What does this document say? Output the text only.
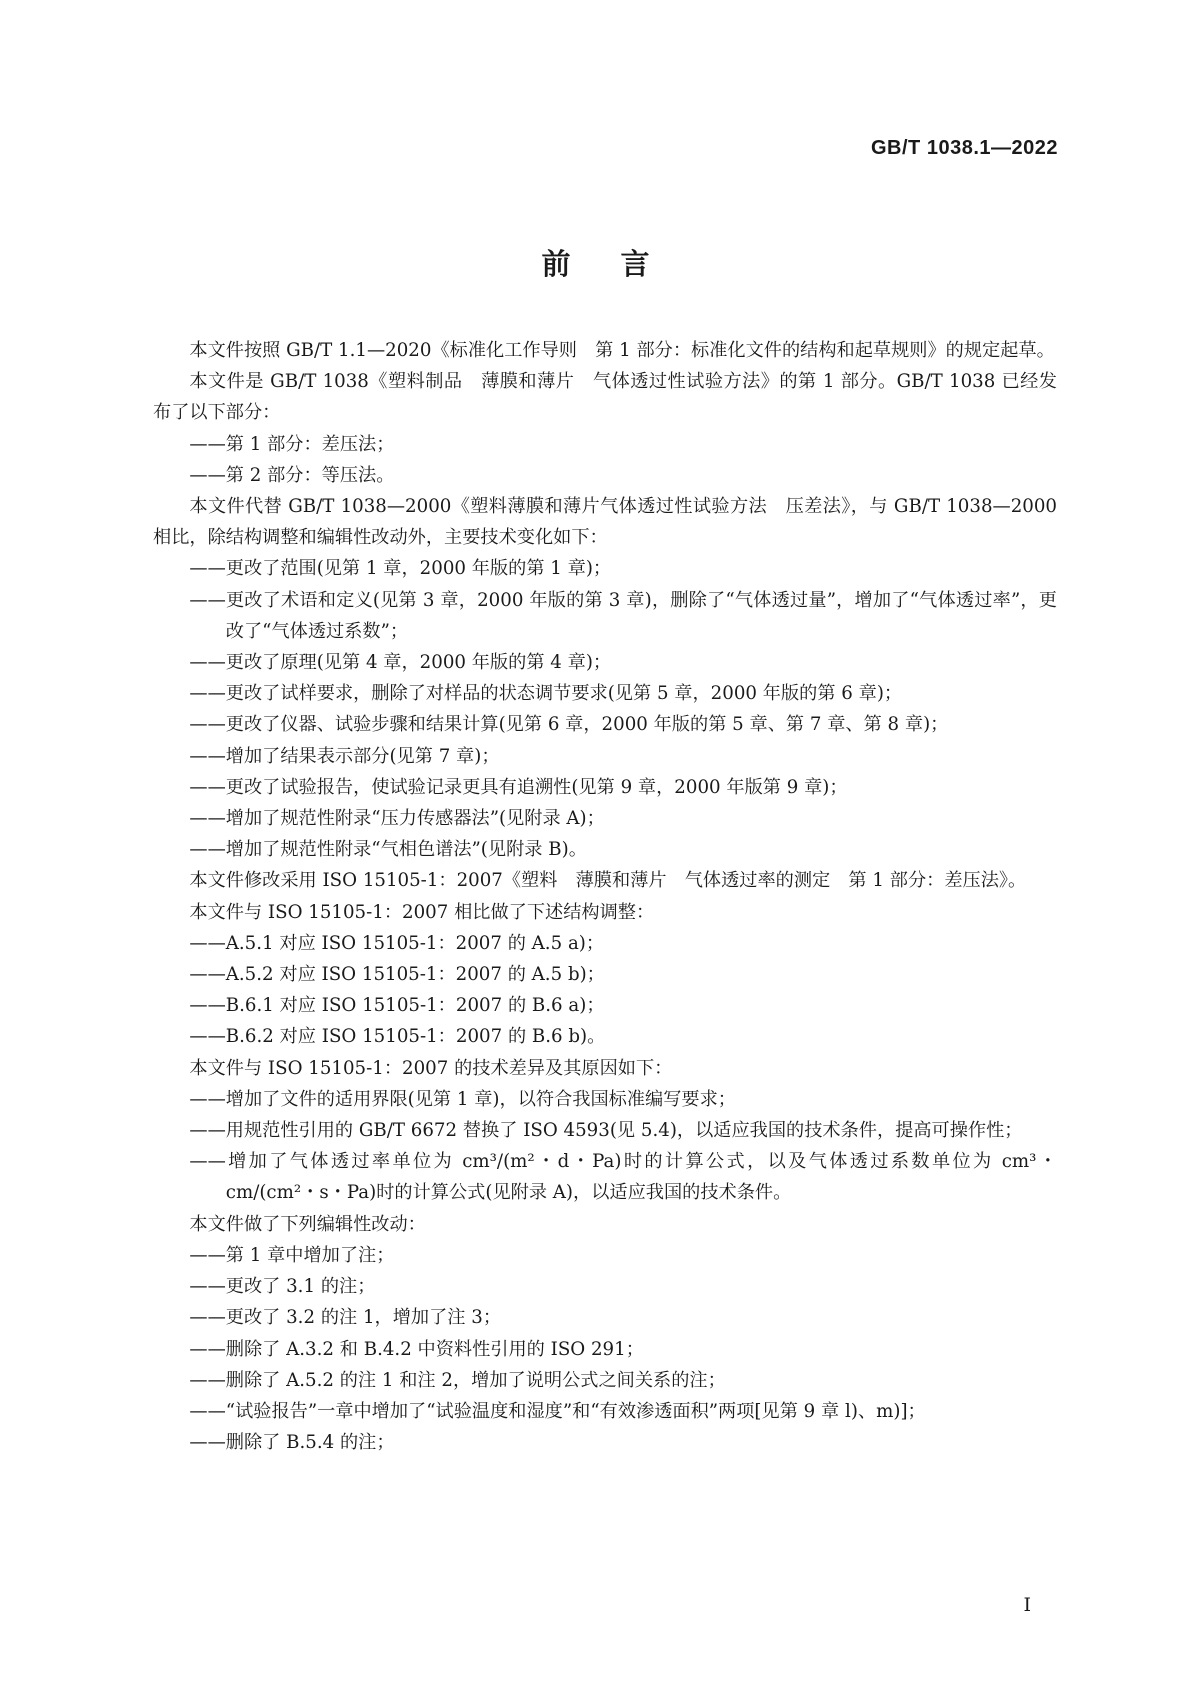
GB/T 1038.1—2022
前言

本文件按照 GB/T 1.1—2020《标准化工作导则　第 1 部分：标准化文件的结构和起草规则》的规定起草。

本文件是 GB/T 1038《塑料制品　薄膜和薄片　气体透过性试验方法》的第 1 部分。GB/T 1038 已经发布了以下部分：

——第 1 部分：差压法；

——第 2 部分：等压法。

本文件代替 GB/T 1038—2000《塑料薄膜和薄片气体透过性试验方法　压差法》，与 GB/T 1038—2000 相比，除结构调整和编辑性改动外，主要技术变化如下：

——更改了范围(见第 1 章，2000 年版的第 1 章)；

——更改了术语和定义(见第 3 章，2000 年版的第 3 章)，删除了“气体透过量”，增加了“气体透过率”，更改了“气体透过系数”；

——更改了原理(见第 4 章，2000 年版的第 4 章)；

——更改了试样要求，删除了对样品的状态调节要求(见第 5 章，2000 年版的第 6 章)；

——更改了仪器、试验步骤和结果计算(见第 6 章，2000 年版的第 5 章、第 7 章、第 8 章)；

——增加了结果表示部分(见第 7 章)；

——更改了试验报告，使试验记录更具有追溯性(见第 9 章，2000 年版第 9 章)；

——增加了规范性附录“压力传感器法”(见附录 A)；

——增加了规范性附录“气相色谱法”(见附录 B)。

本文件修改采用 ISO 15105-1：2007《塑料　薄膜和薄片　气体透过率的测定　第 1 部分：差压法》。

本文件与 ISO 15105-1：2007 相比做了下述结构调整：

——A.5.1 对应 ISO 15105-1：2007 的 A.5 a)；

——A.5.2 对应 ISO 15105-1：2007 的 A.5 b)；

——B.6.1 对应 ISO 15105-1：2007 的 B.6 a)；

——B.6.2 对应 ISO 15105-1：2007 的 B.6 b)。

本文件与 ISO 15105-1：2007 的技术差异及其原因如下：

——增加了文件的适用界限(见第 1 章)，以符合我国标准编写要求；

——用规范性引用的 GB/T 6672 替换了 ISO 4593(见 5.4)，以适应我国的技术条件，提高可操作性；

——增加了气体透过率单位为 cm³/(m²・d・Pa)时的计算公式，以及气体透过系数单位为 cm³・cm/(cm²・s・Pa)时的计算公式(见附录 A)，以适应我国的技术条件。

本文件做了下列编辑性改动：

——第 1 章中增加了注；

——更改了 3.1 的注；

——更改了 3.2 的注 1，增加了注 3；

——删除了 A.3.2 和 B.4.2 中资料性引用的 ISO 291；

——删除了 A.5.2 的注 1 和注 2，增加了说明公式之间关系的注；

——“试验报告”一章中增加了“试验温度和湿度”和“有效渗透面积”两项[见第 9 章 l)、m)]；

——删除了 B.5.4 的注；

I
